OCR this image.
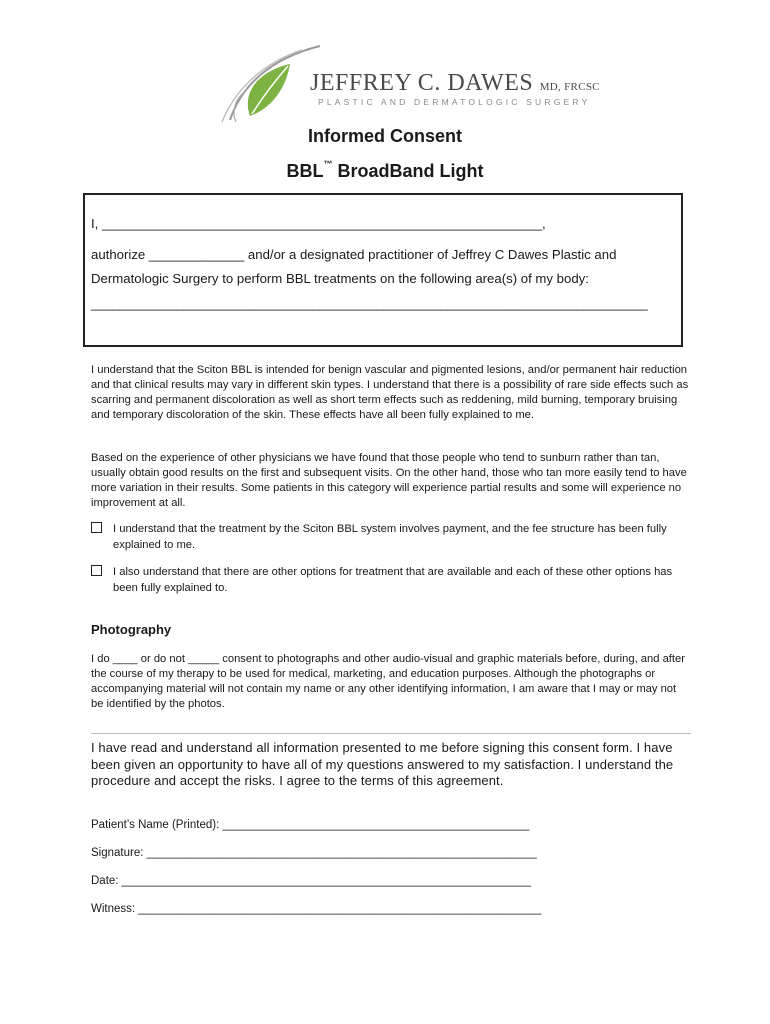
JEFFREY C. DAWES MD, FRCSC
PLASTIC AND DERMATOLOGIC SURGERY
Informed Consent
BBL™ BroadBand Light
I, ____________________________________________________________,
authorize _____________ and/or a designated practitioner of Jeffrey C Dawes Plastic and
Dermatologic Surgery to perform BBL treatments on the following area(s) of my body:
______________________________________________________________________________
I understand that the Sciton BBL is intended for benign vascular and pigmented lesions, and/or permanent hair reduction and that clinical results may vary in different skin types. I understand that there is a possibility of rare side effects such as scarring and permanent discoloration as well as short term effects such as reddening, mild burning, temporary bruising and temporary discoloration of the skin. These effects have all been fully explained to me.
Based on the experience of other physicians we have found that those people who tend to sunburn rather than tan, usually obtain good results on the first and subsequent visits. On the other hand, those who tan more easily tend to have more variation in their results. Some patients in this category will experience partial results and some will experience no improvement at all.
I understand that the treatment by the Sciton BBL system involves payment, and the fee structure has been fully explained to me.
I also understand that there are other options for treatment that are available and each of these other options has been fully explained to.
Photography
I do ____ or do not _____ consent to photographs and other audio-visual and graphic materials before, during, and after the course of my therapy to be used for medical, marketing, and education purposes. Although the photographs or accompanying material will not contain my name or any other identifying information, I am aware that I may or may not be identified by the photos.
I have read and understand all information presented to me before signing this consent form. I have been given an opportunity to have all of my questions answered to my satisfaction. I understand the procedure and accept the risks. I agree to the terms of this agreement.
Patient’s Name (Printed): ________________________________________________
Signature: _____________________________________________________________
Date: ________________________________________________________________
Witness: _______________________________________________________________
